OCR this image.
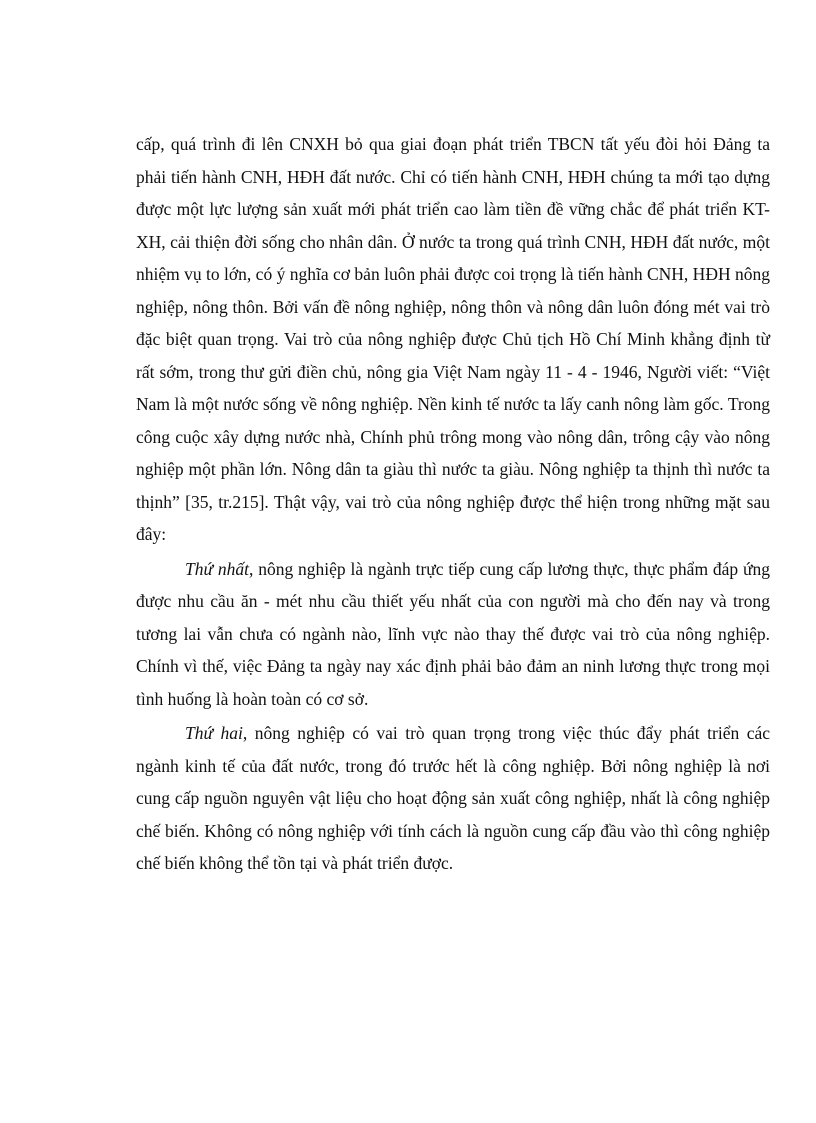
cấp, quá trình đi lên CNXH bỏ qua giai đoạn phát triển TBCN tất yếu đòi hỏi Đảng ta phải tiến hành CNH, HĐH đất nước. Chỉ có tiến hành CNH, HĐH chúng ta mới tạo dựng được một lực lượng sản xuất mới phát triển cao làm tiền đề vững chắc để phát triển KT-XH, cải thiện đời sống cho nhân dân. Ở nước ta trong quá trình CNH, HĐH đất nước, một nhiệm vụ to lớn, có ý nghĩa cơ bản luôn phải được coi trọng là tiến hành CNH, HĐH nông nghiệp, nông thôn. Bởi vấn đề nông nghiệp, nông thôn và nông dân luôn đóng mét vai trò đặc biệt quan trọng. Vai trò của nông nghiệp được Chủ tịch Hồ Chí Minh khẳng định từ rất sớm, trong thư gửi điền chủ, nông gia Việt Nam ngày 11 - 4 - 1946, Người viết: “Việt Nam là một nước sống về nông nghiệp. Nền kinh tế nước ta lấy canh nông làm gốc. Trong công cuộc xây dựng nước nhà, Chính phủ trông mong vào nông dân, trông cậy vào nông nghiệp một phần lớn. Nông dân ta giàu thì nước ta giàu. Nông nghiệp ta thịnh thì nước ta thịnh” [35, tr.215]. Thật vậy, vai trò của nông nghiệp được thể hiện trong những mặt sau đây:

Thứ nhất, nông nghiệp là ngành trực tiếp cung cấp lương thực, thực phẩm đáp ứng được nhu cầu ăn - mét nhu cầu thiết yếu nhất của con người mà cho đến nay và trong tương lai vẫn chưa có ngành nào, lĩnh vực nào thay thế được vai trò của nông nghiệp. Chính vì thế, việc Đảng ta ngày nay xác định phải bảo đảm an ninh lương thực trong mọi tình huống là hoàn toàn có cơ sở.

Thứ hai, nông nghiệp có vai trò quan trọng trong việc thúc đẩy phát triển các ngành kinh tế của đất nước, trong đó trước hết là công nghiệp. Bởi nông nghiệp là nơi cung cấp nguồn nguyên vật liệu cho hoạt động sản xuất công nghiệp, nhất là công nghiệp chế biến. Không có nông nghiệp với tính cách là nguồn cung cấp đầu vào thì công nghiệp chế biến không thể tồn tại và phát triển được.
